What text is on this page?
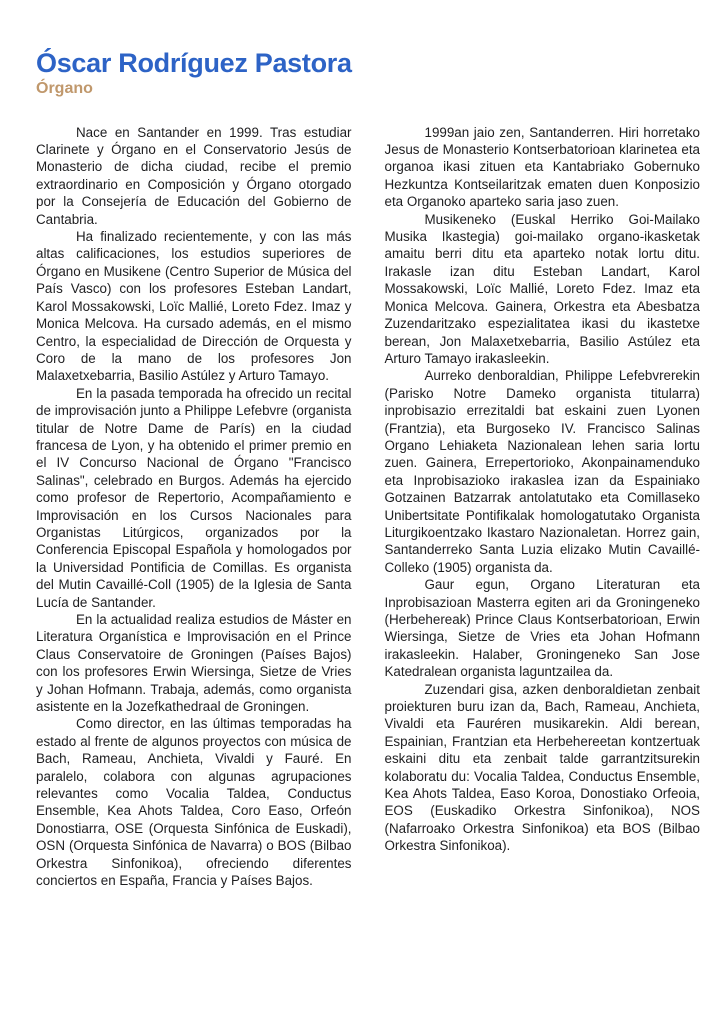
Óscar Rodríguez Pastora
Órgano

Nace en Santander en 1999. Tras estudiar Clarinete y Órgano en el Conservatorio Jesús de Monasterio de dicha ciudad, recibe el premio extraordinario en Composición y Órgano otorgado por la Consejería de Educación del Gobierno de Cantabria.

Ha finalizado recientemente, y con las más altas calificaciones, los estudios superiores de Órgano en Musikene (Centro Superior de Música del País Vasco) con los profesores Esteban Landart, Karol Mossakowski, Loïc Mallié, Loreto Fdez. Imaz y Monica Melcova. Ha cursado además, en el mismo Centro, la especialidad de Dirección de Orquesta y Coro de la mano de los profesores Jon Malaxetxebarria, Basilio Astúlez y Arturo Tamayo.

En la pasada temporada ha ofrecido un recital de improvisación junto a Philippe Lefebvre (organista titular de Notre Dame de París) en la ciudad francesa de Lyon, y ha obtenido el primer premio en el IV Concurso Nacional de Órgano "Francisco Salinas", celebrado en Burgos. Además ha ejercido como profesor de Repertorio, Acompañamiento e Improvisación en los Cursos Nacionales para Organistas Litúrgicos, organizados por la Conferencia Episcopal Española y homologados por la Universidad Pontificia de Comillas. Es organista del Mutin Cavaillé-Coll (1905) de la Iglesia de Santa Lucía de Santander.

En la actualidad realiza estudios de Máster en Literatura Organística e Improvisación en el Prince Claus Conservatoire de Groningen (Países Bajos) con los profesores Erwin Wiersinga, Sietze de Vries y Johan Hofmann. Trabaja, además, como organista asistente en la Jozefkathedraal de Groningen.

Como director, en las últimas temporadas ha estado al frente de algunos proyectos con música de Bach, Rameau, Anchieta, Vivaldi y Fauré. En paralelo, colabora con algunas agrupaciones relevantes como Vocalia Taldea, Conductus Ensemble, Kea Ahots Taldea, Coro Easo, Orfeón Donostiarra, OSE (Orquesta Sinfónica de Euskadi), OSN (Orquesta Sinfónica de Navarra) o BOS (Bilbao Orkestra Sinfonikoa), ofreciendo diferentes conciertos en España, Francia y Países Bajos.

1999an jaio zen, Santanderren. Hiri horretako Jesus de Monasterio Kontserbatorioan klarinetea eta organoa ikasi zituen eta Kantabriako Gobernuko Hezkuntza Kontseilaritzak ematen duen Konposizio eta Organoko aparteko saria jaso zuen.

Musikeneko (Euskal Herriko Goi-Mailako Musika Ikastegia) goi-mailako organo-ikasketak amaitu berri ditu eta aparteko notak lortu ditu. Irakasle izan ditu Esteban Landart, Karol Mossakowski, Loïc Mallié, Loreto Fdez. Imaz eta Monica Melcova. Gainera, Orkestra eta Abesbatza Zuzendaritzako espezialitatea ikasi du ikastetxe berean, Jon Malaxetxebarria, Basilio Astúlez eta Arturo Tamayo irakasleekin.

Aurreko denboraldian, Philippe Lefebvrerekin (Parisko Notre Dameko organista titularra) inprobisazio errezitaldi bat eskaini zuen Lyonen (Frantzia), eta Burgoseko IV. Francisco Salinas Organo Lehiaketa Nazionalean lehen saria lortu zuen. Gainera, Errepertorioko, Akonpainamenduko eta Inprobisazioko irakaslea izan da Espainiako Gotzainen Batzarrak antolatutako eta Comillaseko Unibertsitate Pontifikalak homologatutako Organista Liturgikoentzako Ikastaro Nazionaletan. Horrez gain, Santanderreko Santa Luzia elizako Mutin Cavaillé-Colleko (1905) organista da.

Gaur egun, Organo Literaturan eta Inprobisazioan Masterra egiten ari da Groningeneko (Herbehereak) Prince Claus Kontserbatorioan, Erwin Wiersinga, Sietze de Vries eta Johan Hofmann irakasleekin. Halaber, Groningeneko San Jose Katedralean organista laguntzailea da.

Zuzendari gisa, azken denboraldietan zenbait proiekturen buru izan da, Bach, Rameau, Anchieta, Vivaldi eta Fauréren musikarekin. Aldi berean, Espainian, Frantzian eta Herbehereetan kontzertuak eskaini ditu eta zenbait talde garrantzitsurekin kolaboratu du: Vocalia Taldea, Conductus Ensemble, Kea Ahots Taldea, Easo Koroa, Donostiako Orfeoia, EOS (Euskadiko Orkestra Sinfonikoa), NOS (Nafarroako Orkestra Sinfonikoa) eta BOS (Bilbao Orkestra Sinfonikoa).
